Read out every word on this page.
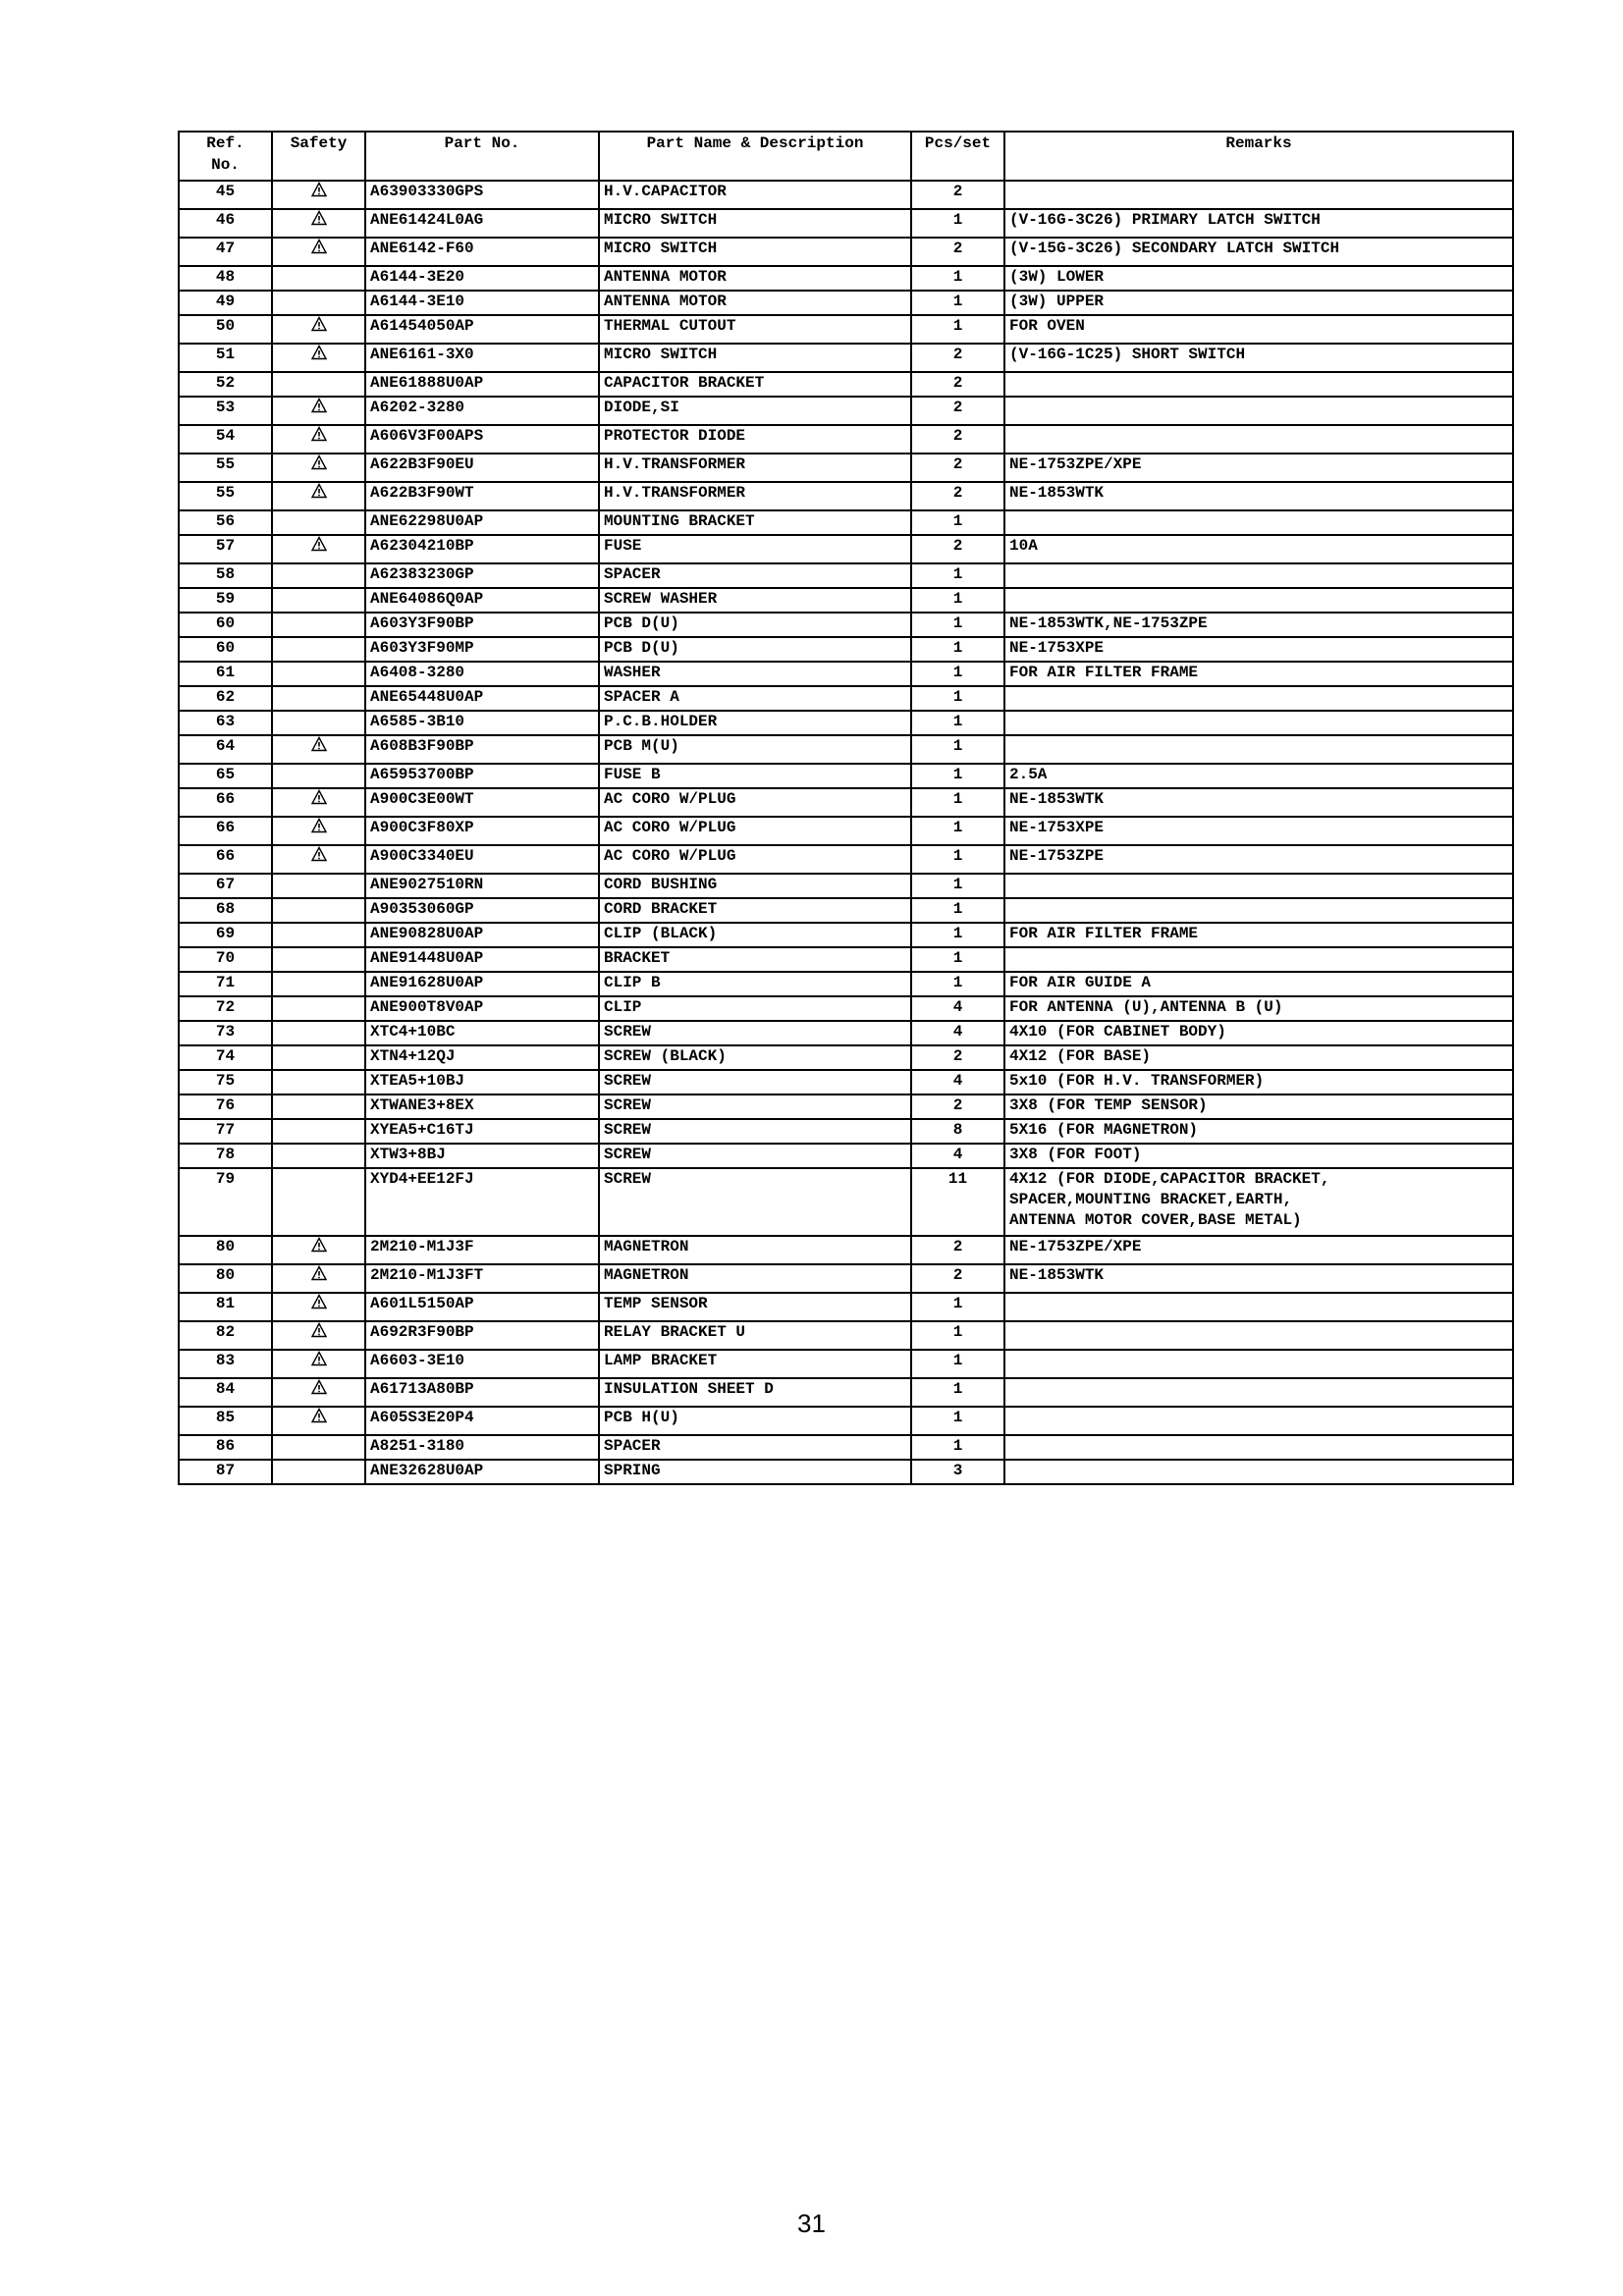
Ref.
No.	Safety	Part No.	Part Name & Description	Pcs/set	Remarks
45		A63903330GPS	H.V.CAPACITOR	2	
46		ANE61424L0AG	MICRO SWITCH	1	(V-16G-3C26) PRIMARY LATCH SWITCH
47		ANE6142-F60	MICRO SWITCH	2	(V-15G-3C26) SECONDARY LATCH SWITCH
48		A6144-3E20	ANTENNA MOTOR	1	(3W) LOWER
49		A6144-3E10	ANTENNA MOTOR	1	(3W) UPPER
50		A61454050AP	THERMAL CUTOUT	1	FOR OVEN
51		ANE6161-3X0	MICRO SWITCH	2	(V-16G-1C25) SHORT SWITCH
52		ANE61888U0AP	CAPACITOR BRACKET	2	
53		A6202-3280	DIODE,SI	2	
54		A606V3F00APS	PROTECTOR DIODE	2	
55		A622B3F90EU	H.V.TRANSFORMER	2	NE-1753ZPE/XPE
55		A622B3F90WT	H.V.TRANSFORMER	2	NE-1853WTK
56		ANE62298U0AP	MOUNTING BRACKET	1	
57		A62304210BP	FUSE	2	10A
58		A62383230GP	SPACER	1	
59		ANE64086Q0AP	SCREW WASHER	1	
60		A603Y3F90BP	PCB D(U)	1	NE-1853WTK,NE-1753ZPE
60		A603Y3F90MP	PCB D(U)	1	NE-1753XPE
61		A6408-3280	WASHER	1	FOR AIR FILTER FRAME
62		ANE65448U0AP	SPACER A	1	
63		A6585-3B10	P.C.B.HOLDER	1	
64		A608B3F90BP	PCB M(U)	1	
65		A65953700BP	FUSE B	1	2.5A
66		A900C3E00WT	AC CORO W/PLUG	1	NE-1853WTK
66		A900C3F80XP	AC CORO W/PLUG	1	NE-1753XPE
66		A900C3340EU	AC CORO W/PLUG	1	NE-1753ZPE
67		ANE9027510RN	CORD BUSHING	1	
68		A90353060GP	CORD BRACKET	1	
69		ANE90828U0AP	CLIP (BLACK)	1	FOR AIR FILTER FRAME
70		ANE91448U0AP	BRACKET	1	
71		ANE91628U0AP	CLIP B	1	FOR AIR GUIDE A
72		ANE900T8V0AP	CLIP	4	FOR ANTENNA (U),ANTENNA B (U)
73		XTC4+10BC	SCREW	4	4X10 (FOR CABINET BODY)
74		XTN4+12QJ	SCREW (BLACK)	2	4X12 (FOR BASE)
75		XTEA5+10BJ	SCREW	4	5x10 (FOR H.V. TRANSFORMER)
76		XTWANE3+8EX	SCREW	2	3X8 (FOR TEMP SENSOR)
77		XYEA5+C16TJ	SCREW	8	5X16 (FOR MAGNETRON)
78		XTW3+8BJ	SCREW	4	3X8 (FOR FOOT)
79		XYD4+EE12FJ	SCREW	11	4X12 (FOR DIODE,CAPACITOR BRACKET,
SPACER,MOUNTING BRACKET,EARTH,
ANTENNA MOTOR COVER,BASE METAL)
80		2M210-M1J3F	MAGNETRON	2	NE-1753ZPE/XPE
80		2M210-M1J3FT	MAGNETRON	2	NE-1853WTK
81		A601L5150AP	TEMP SENSOR	1	
82		A692R3F90BP	RELAY BRACKET U	1	
83		A6603-3E10	LAMP BRACKET	1	
84		A61713A80BP	INSULATION SHEET D	1	
85		A605S3E20P4	PCB H(U)	1	
86		A8251-3180	SPACER	1	
87		ANE32628U0AP	SPRING	3	
31
